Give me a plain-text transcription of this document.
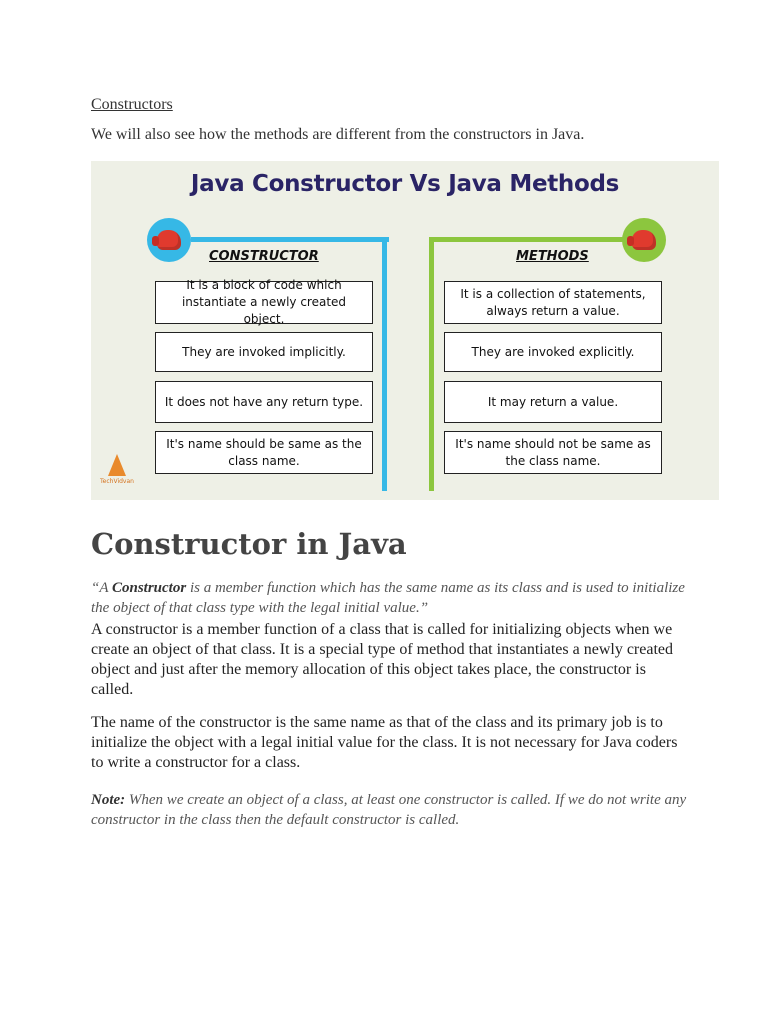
Constructors

We will also see how the methods are different from the constructors in Java.

Java Constructor Vs Java Methods

CONSTRUCTOR	METHODS

It is a block of code which instantiate a newly created object.
They are invoked implicitly.
It does not have any return type.
It's name should be same as the class name.
It is a collection of statements, always return a value.
They are invoked explicitly.
It may return a value.
It's name should not be same as the class name.
TechVidvan
Constructor in Java

“A Constructor is a member function which has the same name as its class and is used to initialize the object of that class type with the legal initial value.”

A constructor is a member function of a class that is called for initializing objects when we create an object of that class. It is a special type of method that instantiates a newly created object and just after the memory allocation of this object takes place, the constructor is called.

The name of the constructor is the same name as that of the class and its primary job is to initialize the object with a legal initial value for the class. It is not necessary for Java coders to write a constructor for a class.

Note: When we create an object of a class, at least one constructor is called. If we do not write any constructor in the class then the default constructor is called.
